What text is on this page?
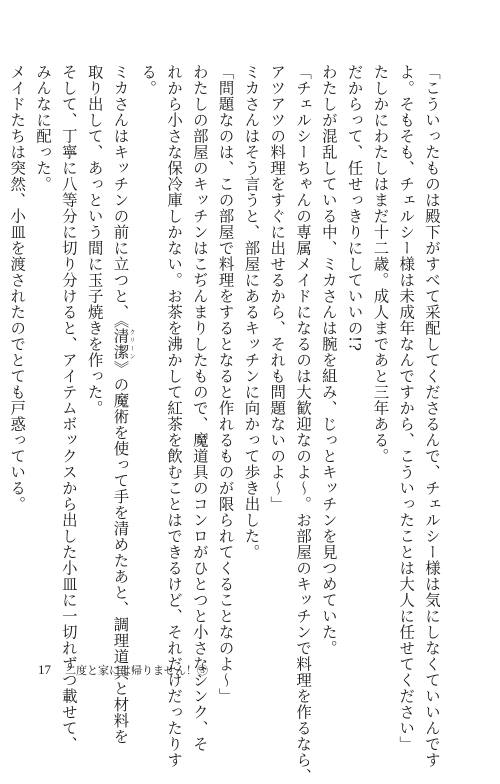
「こういったものは殿下がすべて采配してくださるんで、チェルシー様は気にしなくていいんです
よ。そもそも、チェルシー様は未成年なんですから、こういったことは大人に任せてください」
たしかにわたしはまだ十二歳。成人まであと三年ある。
だからって、任せっきりにしていいの!?
わたしが混乱している中、ミカさんは腕を組み、じっとキッチンを見つめていた。
「チェルシーちゃんの専属メイドになるのは大歓迎なのよ～。お部屋のキッチンで料理を作るなら、
アツアツの料理をすぐに出せるから、それも問題ないのよ～」
ミカさんはそう言うと、部屋にあるキッチンに向かって歩き出した。
「問題なのは、この部屋で料理をするとなると作れるものが限られてくることなのよ～」
わたしの部屋のキッチンはこぢんまりしたもので、魔道具のコンロがひとつと小さなシンク、そ
れから小さな保冷庫しかない。お茶を沸かして紅茶を飲むことはできるけど、それだけだったりす
る。
ミカさんはキッチンの前に立つと、《清潔クリーン》の魔術を使って手を清めたあと、調理道具と材料を
取り出して、あっという間に玉子焼きを作った。
そして、丁寧に八等分に切り分けると、アイテムボックスから出した小皿に一切れずつ載せて、
みんなに配った。
メイドたちは突然、小皿を渡されたのでとても戸惑っている。
17 二度と家には帰りません！③
